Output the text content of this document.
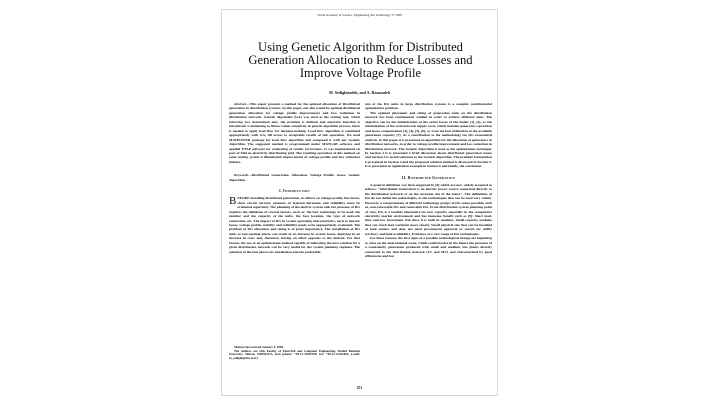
World Academy of Science, Engineering and Technology 37 2008
Using Genetic Algorithm for Distributed Generation Allocation to Reduce Losses and Improve Voltage Profile
M. Sedighizadeh, and A. Rezazadeh

Abstract—This paper presents a method for the optimal allocation of Distributed generation in distribution systems. In this paper, our aim would be optimal distributed generation allocation for voltage profile improvement and loss reduction in distribution network. Genetic Algorithm (GA) was used as the solving tool, which referring two determined aim; the problem is defined and objective function is introduced. Considering to fitness values sensitivity in genetic algorithm process, there is needed to apply load flow for decision-making. Load flow algorithm is combined appropriately with GA, till access to acceptable results of this operation. We used MATPOWER package for load flow algorithm and composed it with our Genetic Algorithm. The suggested method is programmed under MATLAB software and applied ETAP software for evaluating of results correctness. It was implemented on part of Tehran electricity distributing grid. The resulting operation of this method on some testing system is illuminated improvement of voltage profile and loss reduction indexes.

Keywords—Distributed Generation, Allocation, Voltage Profile, losses, Genetic Algorithm.

I. Introduction

BEFORE installing distributed generation, its effects on voltage profile, line losses, short circuit current, amounts of injected harmonic and reliability must be evaluated separately. The planning of the electric system with the presence of DG requires the definition of several factors, such as: the best technology to be used, the number and the capacity of the units, the best location, the type of network connection, etc. The impact of DG in system operating characteristics, such as electric losses, voltage profile, stability and reliability needs to be appropriately evaluated. The problem of DG allocation and sizing is of great importance. The installation of DG units at non-optimal places can result in an increase in system losses, implying in an increase in costs and, therefore, having an effect opposite to the desired. For that reason, the use of an optimization method capable of indicating the best solution for a given distribution network can be very useful for the system planning engineer. The selection of the best places for installation and the preferable

Manuscript received January 5, 2008.

The Authors are with Faculty of Electrical and Computer Engineering, Shahid Beheshti University, Tehran, 1983963113, Iran (phone: +98-21-29902290, fax: +98-21-22431804, e-mail: m_sedighi@sbu.ac.ir).

size of the DG units in large distribution systems is a complex combinatorial optimization problem.

The optimal placement and sizing of generation units on the distribution network has been continuously studied in order to achieve different aims. The objective can be the minimization of the active losses of the feeder [1], [2], or the minimization of the total network supply costs, which includes generators operation and losses compensation [3], [4], [5], [6], or even the best utilization of the available generation capacity [7]. As a contribution to the methodology for DG economical analysis, in this paper it is presented an algorithm for the allocation of generators in distribution networks, in order to voltage profile improvement and loss reduction in distribution network. The Genetic Algorithm is used as the optimization technique. In Section 2 it is presented a brief discussion about distributed generation issues and Section 3 is an introduction to the Genetic Algorithm. The problem formulation is presented in Section 4 and the proposed solution method is discussed in Section 5. It is presented an application example in Section 6 and finally, the conclusion.

II. Distributed Generation

A general definition was then suggested in [8] which are now widely accepted as follows: "Distributed Generation is an electric power source connected directly to the distribution network or on the customer site of the meter". The definitions of DG do not define the technologies, as the technologies that can be used vary widely. However, a categorization of different technology groups of DG seems possible, such as, non-renewable DG and renewable DG. From distribution system planning point of view, DG is a feasible alternative for new capacity especially in the competitive electricity market environment and has immense benefit such as [9]: Short lead-time and low investment risk since it is built in modules, Small-capacity modules that can track load variation more closely, Small physical size that can be installed at load centers and does not need government approval or search for utility territory and land availability, Existence of a vast range of DG technologies.

For these reasons, the first signs of a possible technological change are beginning to arise on the international scene, which could involve in the future the presence of a consistently generation produced with small and medium size plants directly connected to the distribution network (LV and MV) and characterized by good efficiencies and low

251
